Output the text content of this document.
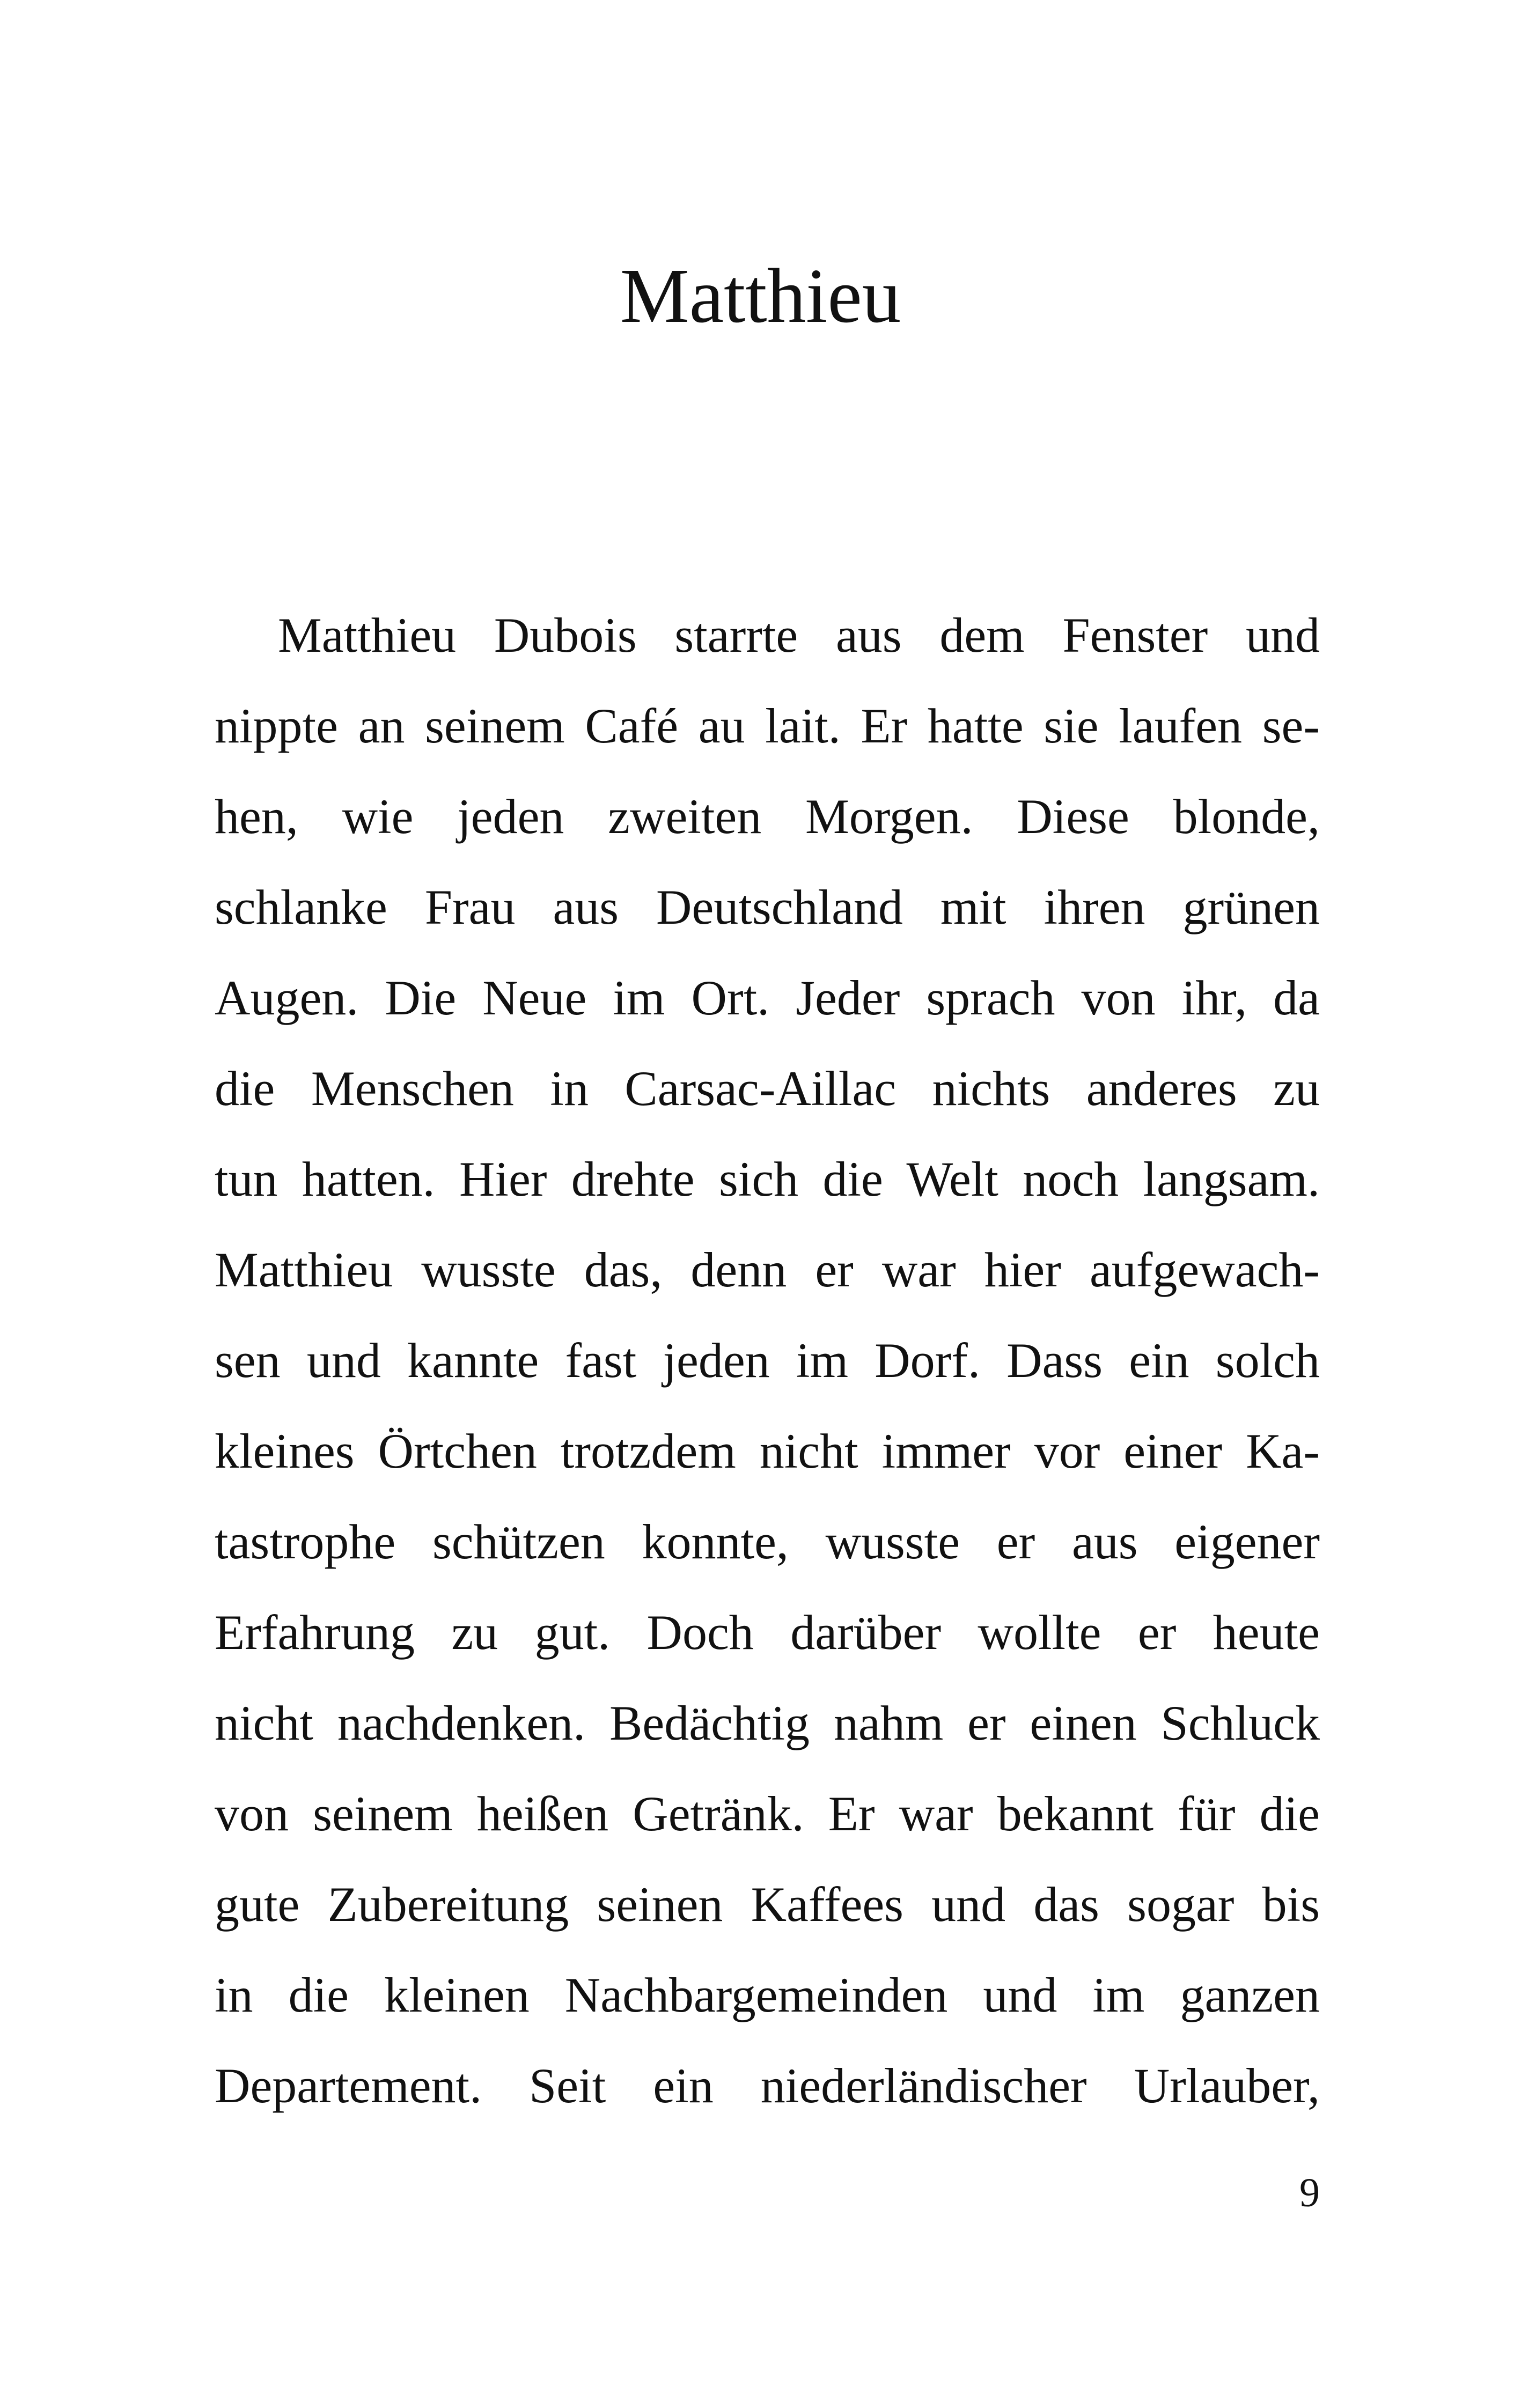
Matthieu
Matthieu Dubois starrte aus dem Fenster und
nippte an seinem Café au lait. Er hatte sie laufen se-
hen, wie jeden zweiten Morgen. Diese blonde,
schlanke Frau aus Deutschland mit ihren grünen
Augen. Die Neue im Ort. Jeder sprach von ihr, da
die Menschen in Carsac-Aillac nichts anderes zu
tun hatten. Hier drehte sich die Welt noch langsam.
Matthieu wusste das, denn er war hier aufgewach-
sen und kannte fast jeden im Dorf. Dass ein solch
kleines Örtchen trotzdem nicht immer vor einer Ka-
tastrophe schützen konnte, wusste er aus eigener
Erfahrung zu gut. Doch darüber wollte er heute
nicht nachdenken. Bedächtig nahm er einen Schluck
von seinem heißen Getränk. Er war bekannt für die
gute Zubereitung seinen Kaffees und das sogar bis
in die kleinen Nachbargemeinden und im ganzen
Departement. Seit ein niederländischer Urlauber,
9
